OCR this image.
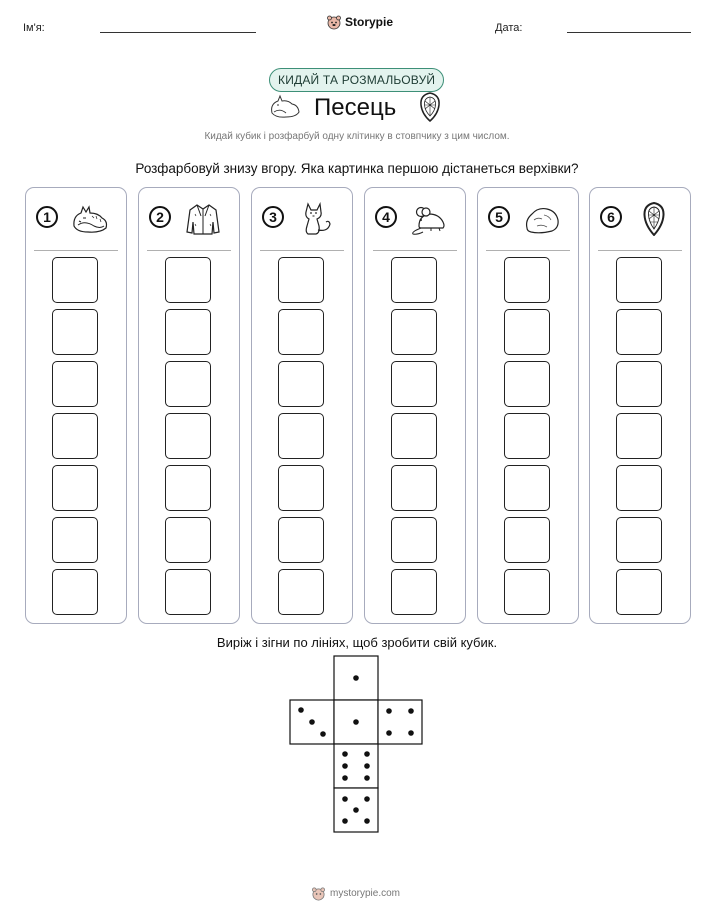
Ім'я:	Storypie	Дата:
КИДАЙ ТА РОЗМАЛЬОВУЙ
Песець
Кидай кубик і розфарбуй одну клітинку в стовпчику з цим числом.
Розфарбовуй знизу вгору. Яка картинка першою дістанеться верхівки?
1	2	3	4	5	6
Виріж і зігни по лініях, щоб зробити свій кубик.
mystorypie.com
